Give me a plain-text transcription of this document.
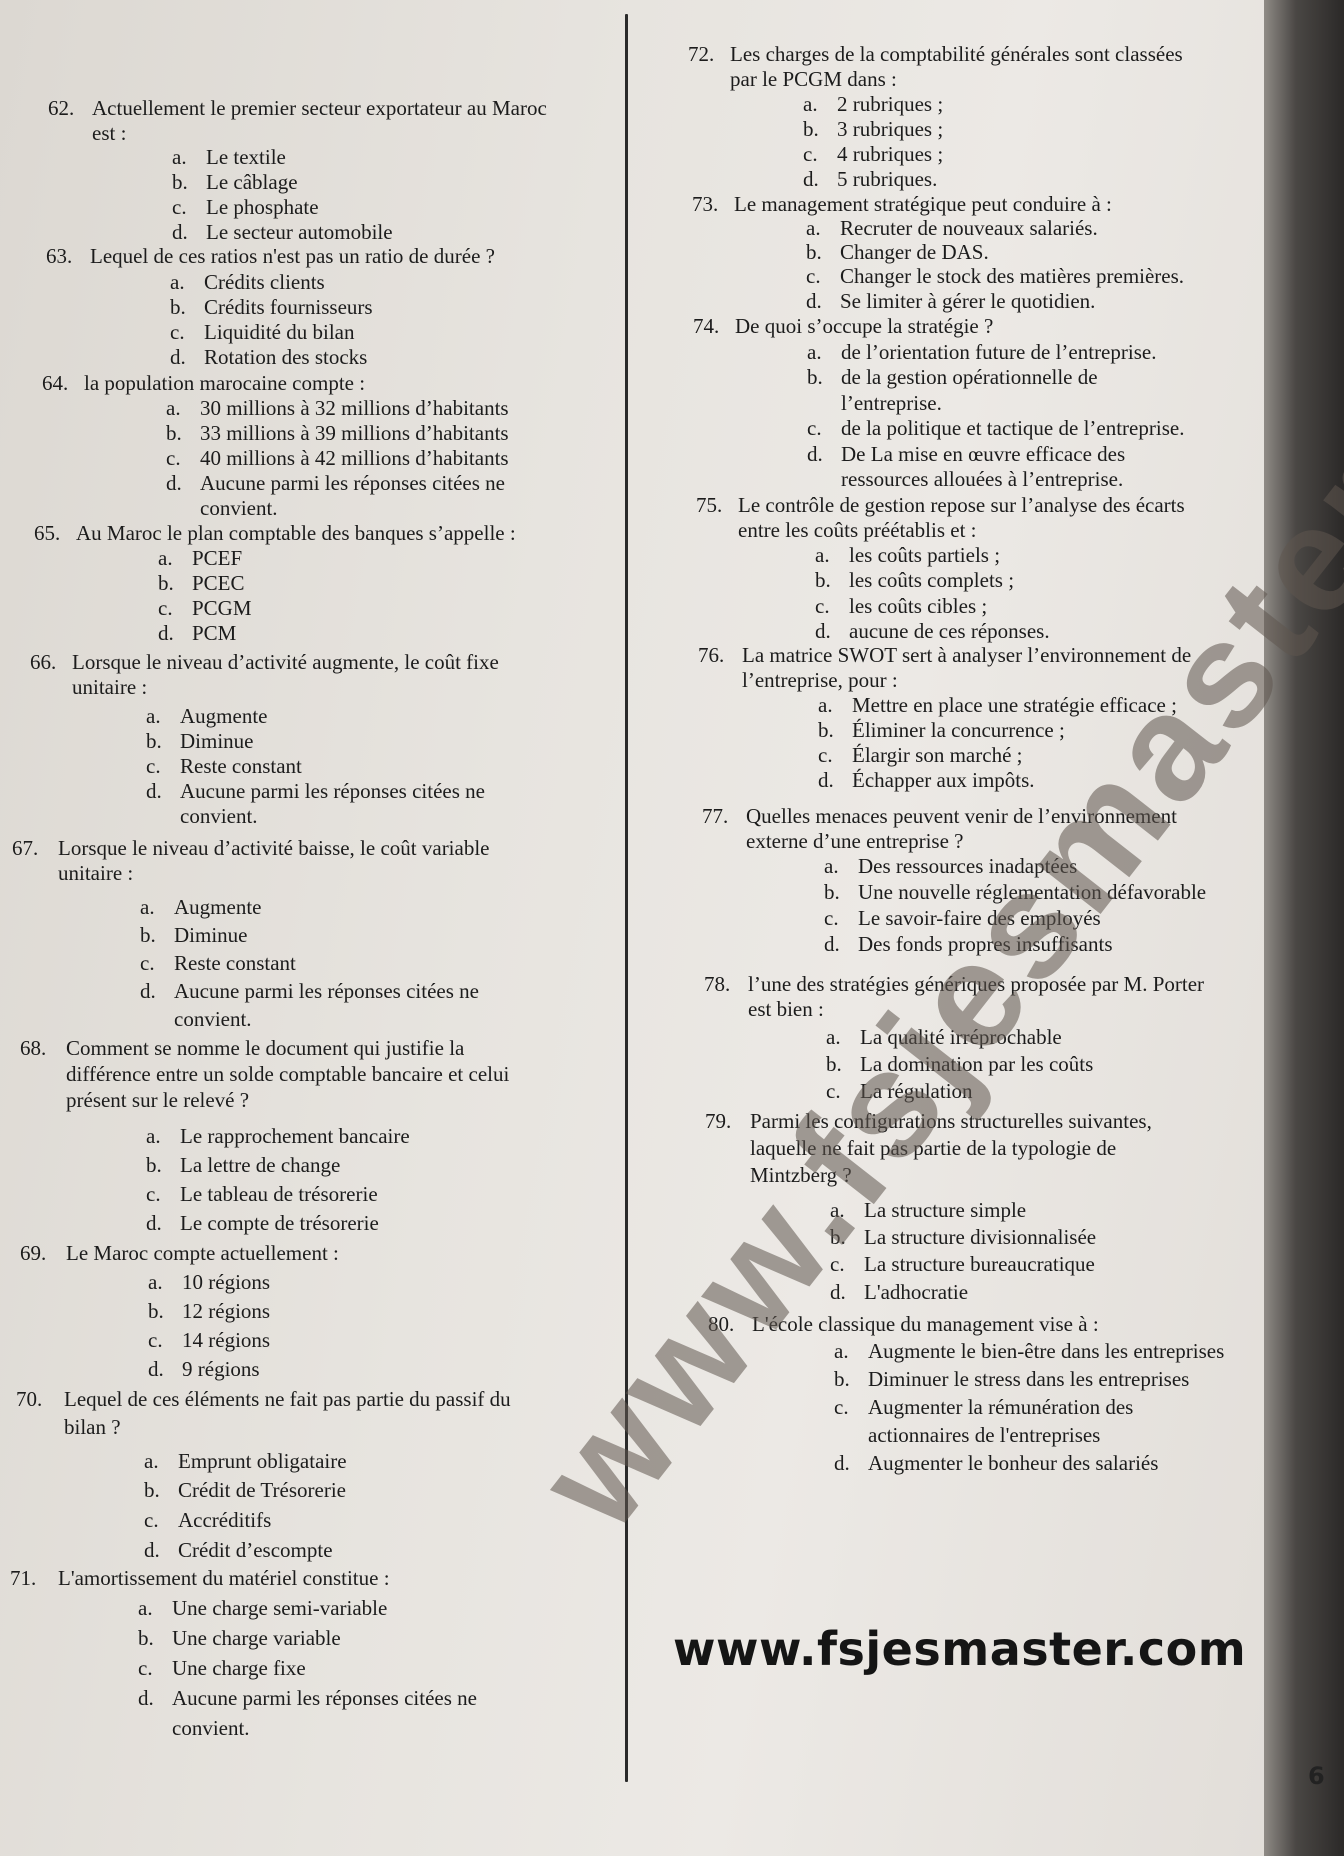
62. Actuellement le premier secteur exportateur au Maroc
est :
a. Le textile
b. Le câblage
c. Le phosphate
d. Le secteur automobile
63. Lequel de ces ratios n'est pas un ratio de durée ?
a. Crédits clients
b. Crédits fournisseurs
c. Liquidité du bilan
d. Rotation des stocks
64. la population marocaine compte :
a. 30 millions à 32 millions d’habitants
b. 33 millions à 39 millions d’habitants
c. 40 millions à 42 millions d’habitants
d. Aucune parmi les réponses citées ne
convient.
65. Au Maroc le plan comptable des banques s’appelle :
a. PCEF
b. PCEC
c. PCGM
d. PCM
66. Lorsque le niveau d’activité augmente, le coût fixe
unitaire :
a. Augmente
b. Diminue
c. Reste constant
d. Aucune parmi les réponses citées ne
convient.
67. Lorsque le niveau d’activité baisse, le coût variable
unitaire :
a. Augmente
b. Diminue
c. Reste constant
d. Aucune parmi les réponses citées ne
convient.
68. Comment se nomme le document qui justifie la
différence entre un solde comptable bancaire et celui
présent sur le relevé ?
a. Le rapprochement bancaire
b. La lettre de change
c. Le tableau de trésorerie
d. Le compte de trésorerie
69. Le Maroc compte actuellement :
a. 10 régions
b. 12 régions
c. 14 régions
d. 9 régions
70. Lequel de ces éléments ne fait pas partie du passif du
bilan ?
a. Emprunt obligataire
b. Crédit de Trésorerie
c. Accréditifs
d. Crédit d’escompte
71. L'amortissement du matériel constitue :
a. Une charge semi-variable
b. Une charge variable
c. Une charge fixe
d. Aucune parmi les réponses citées ne
convient.
72. Les charges de la comptabilité générales sont classées
par le PCGM dans :
a. 2 rubriques ;
b. 3 rubriques ;
c. 4 rubriques ;
d. 5 rubriques.
73. Le management stratégique peut conduire à :
a. Recruter de nouveaux salariés.
b. Changer de DAS.
c. Changer le stock des matières premières.
d. Se limiter à gérer le quotidien.
74. De quoi s’occupe la stratégie ?
a. de l’orientation future de l’entreprise.
b. de la gestion opérationnelle de
l’entreprise.
c. de la politique et tactique de l’entreprise.
d. De La mise en œuvre efficace des
ressources allouées à l’entreprise.
75. Le contrôle de gestion repose sur l’analyse des écarts
entre les coûts préétablis et :
a. les coûts partiels ;
b. les coûts complets ;
c. les coûts cibles ;
d. aucune de ces réponses.
76. La matrice SWOT sert à analyser l’environnement de
l’entreprise, pour :
a. Mettre en place une stratégie efficace ;
b. Éliminer la concurrence ;
c. Élargir son marché ;
d. Échapper aux impôts.
77. Quelles menaces peuvent venir de l’environnement
externe d’une entreprise ?
a. Des ressources inadaptées
b. Une nouvelle réglementation défavorable
c. Le savoir-faire des employés
d. Des fonds propres insuffisants
78. l’une des stratégies génériques proposée par M. Porter
est bien :
a. La qualité irréprochable
b. La domination par les coûts
c. La régulation
79. Parmi les configurations structurelles suivantes,
laquelle ne fait pas partie de la typologie de
Mintzberg ?
a. La structure simple
b. La structure divisionnalisée
c. La structure bureaucratique
d. L'adhocratie
80. L'école classique du management vise à :
a. Augmente le bien-être dans les entreprises
b. Diminuer le stress dans les entreprises
c. Augmenter la rémunération des
actionnaires de l'entreprises
d. Augmenter le bonheur des salariés
www.fsjesmaster.com
6
